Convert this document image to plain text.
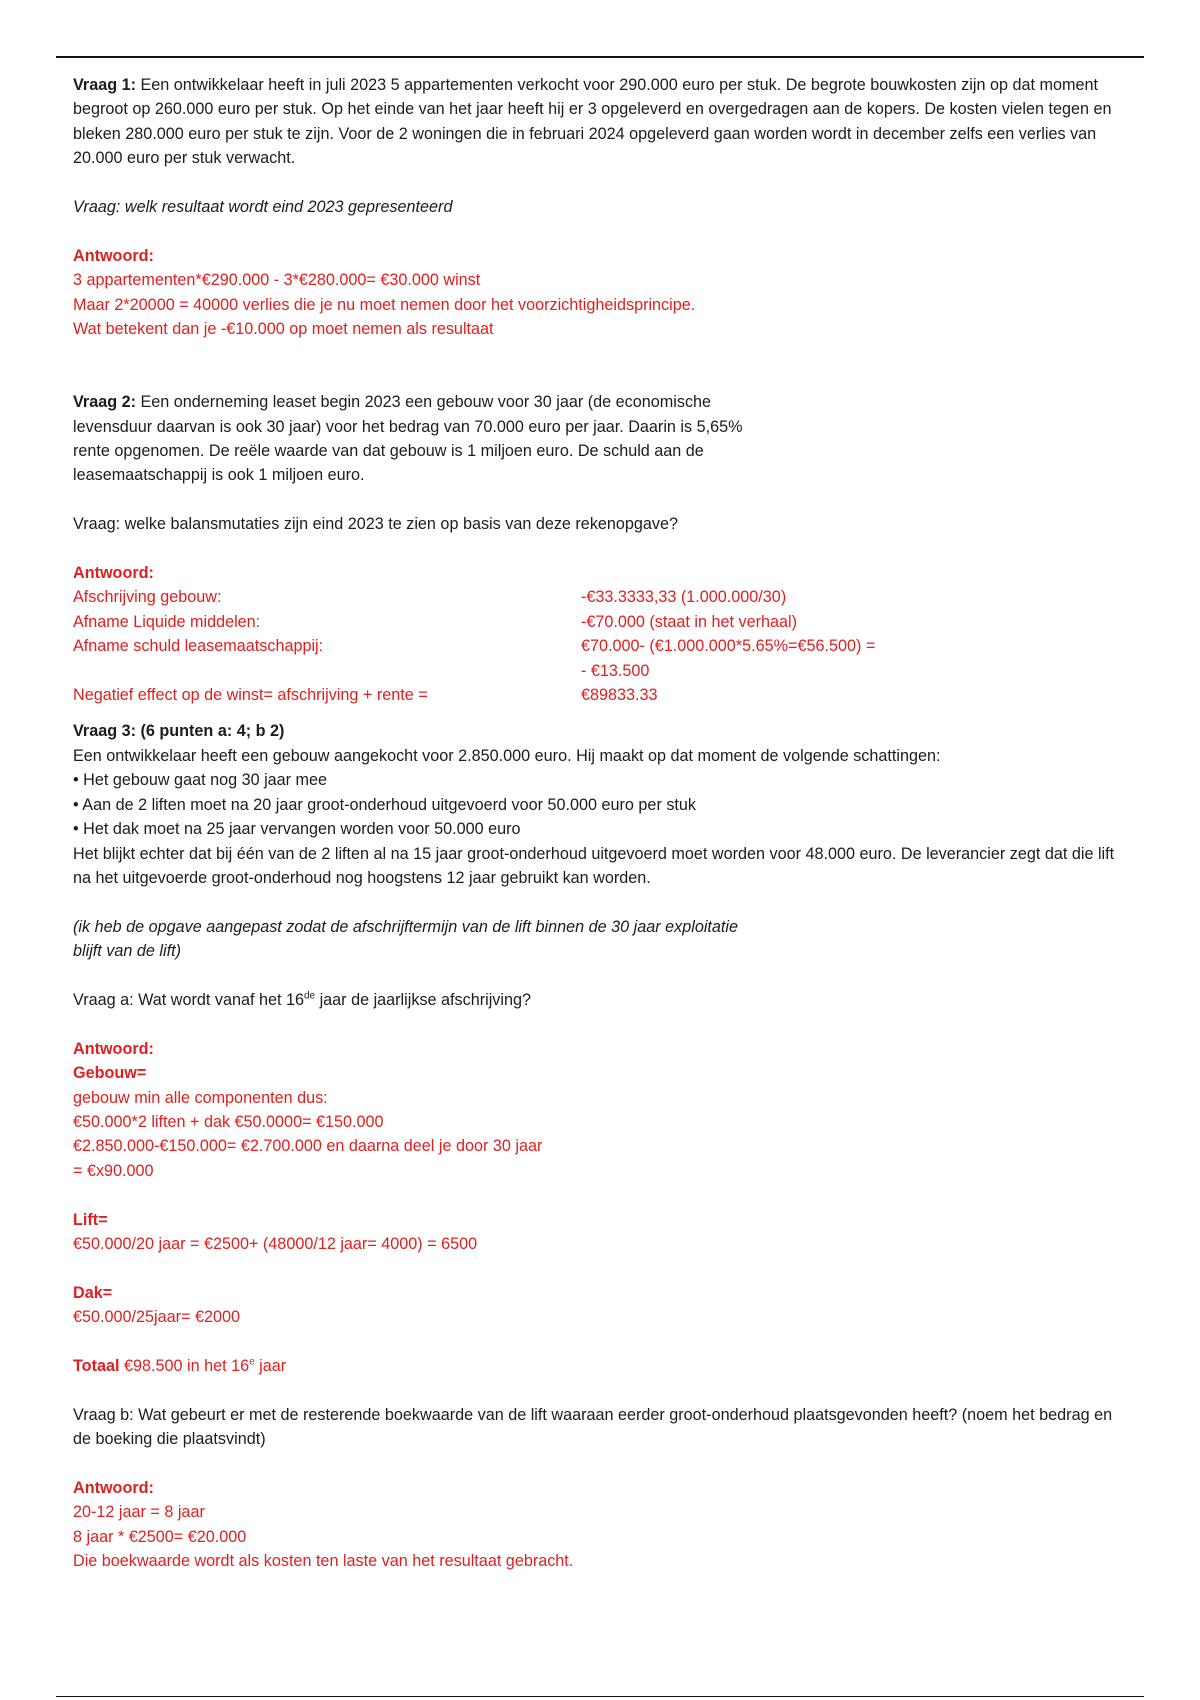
Vraag 1: Een ontwikkelaar heeft in juli 2023 5 appartementen verkocht voor 290.000 euro per stuk. De begrote bouwkosten zijn op dat moment begroot op 260.000 euro per stuk. Op het einde van het jaar heeft hij er 3 opgeleverd en overgedragen aan de kopers. De kosten vielen tegen en bleken 280.000 euro per stuk te zijn. Voor de 2 woningen die in februari 2024 opgeleverd gaan worden wordt in december zelfs een verlies van 20.000 euro per stuk verwacht.

Vraag: welk resultaat wordt eind 2023 gepresenteerd

Antwoord:

3 appartementen*€290.000 - 3*€280.000= €30.000 winst

Maar 2*20000 = 40000 verlies die je nu moet nemen door het voorzichtigheidsprincipe.

Wat betekent dan je -€10.000 op moet nemen als resultaat

Vraag 2: Een onderneming leaset begin 2023 een gebouw voor 30 jaar (de economische levensduur daarvan is ook 30 jaar) voor het bedrag van 70.000 euro per jaar. Daarin is 5,65% rente opgenomen. De reële waarde van dat gebouw is 1 miljoen euro. De schuld aan de leasemaatschappij is ook 1 miljoen euro.

Vraag: welke balansmutaties zijn eind 2023 te zien op basis van deze rekenopgave?

Antwoord:

Afschrijving gebouw:	-€33.3333,33 (1.000.000/30)
Afname Liquide middelen:	-€70.000 (staat in het verhaal)
Afname schuld leasemaatschappij:	€70.000- (€1.000.000*5.65%=€56.500) =
- €13.500
Negatief effect op de winst= afschrijving + rente =	€89833.33

Vraag 3: (6 punten a: 4; b 2)

Een ontwikkelaar heeft een gebouw aangekocht voor 2.850.000 euro. Hij maakt op dat moment de volgende schattingen:

• Het gebouw gaat nog 30 jaar mee

• Aan de 2 liften moet na 20 jaar groot-onderhoud uitgevoerd voor 50.000 euro per stuk

• Het dak moet na 25 jaar vervangen worden voor 50.000 euro

Het blijkt echter dat bij één van de 2 liften al na 15 jaar groot-onderhoud uitgevoerd moet worden voor 48.000 euro. De leverancier zegt dat die lift na het uitgevoerde groot-onderhoud nog hoogstens 12 jaar gebruikt kan worden.

(ik heb de opgave aangepast zodat de afschrijftermijn van de lift binnen de 30 jaar exploitatie blijft van de lift)

Vraag a: Wat wordt vanaf het 16de jaar de jaarlijkse afschrijving?

Antwoord:

Gebouw=

gebouw min alle componenten dus:

€50.000*2 liften + dak €50.0000= €150.000

€2.850.000-€150.000= €2.700.000 en daarna deel je door 30 jaar

= €x90.000

Lift=

€50.000/20 jaar = €2500+ (48000/12 jaar= 4000) = 6500

Dak=

€50.000/25jaar= €2000

Totaal €98.500 in het 16e jaar

Vraag b: Wat gebeurt er met de resterende boekwaarde van de lift waaraan eerder groot-onderhoud plaatsgevonden heeft? (noem het bedrag en de boeking die plaatsvindt)

Antwoord:

20-12 jaar = 8 jaar

8 jaar * €2500= €20.000

Die boekwaarde wordt als kosten ten laste van het resultaat gebracht.
